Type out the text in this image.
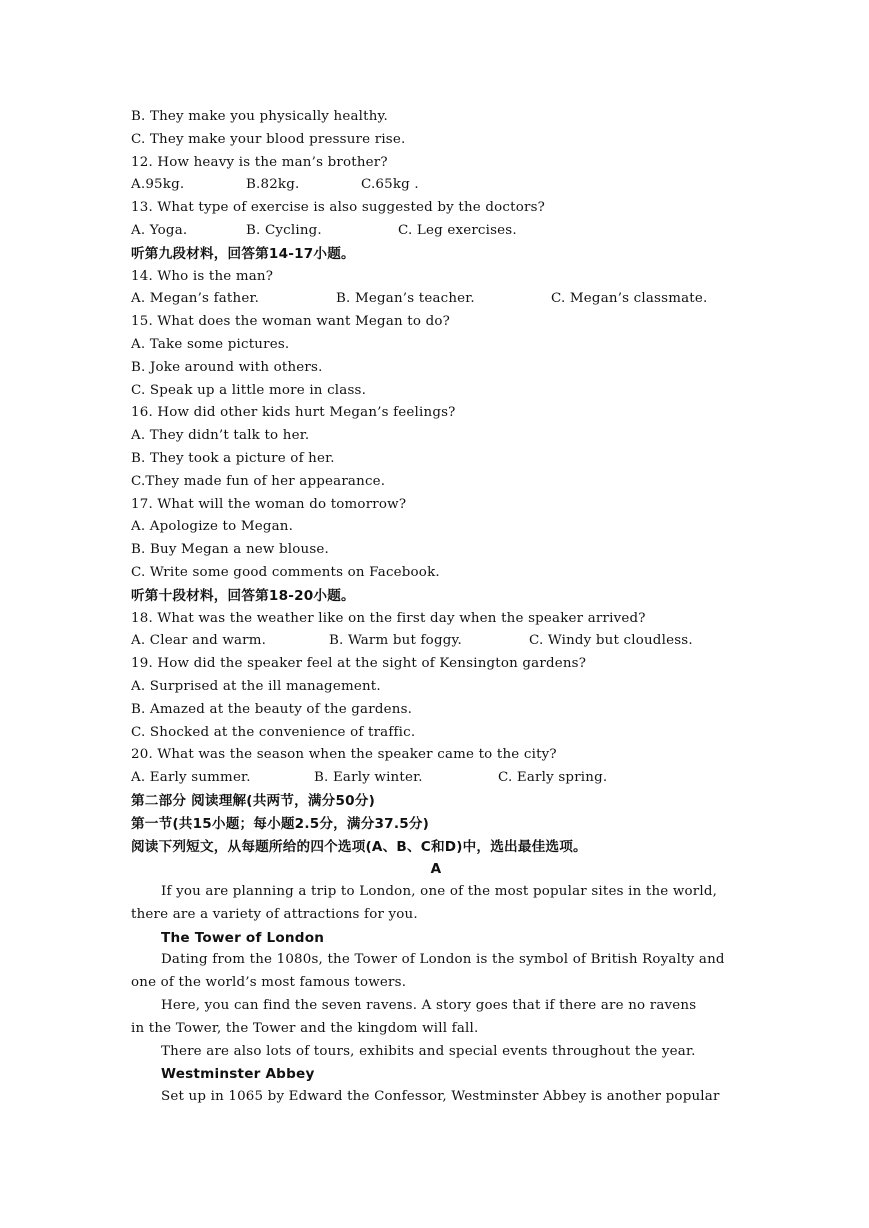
B. They make you physically healthy.
C. They make your blood pressure rise.
12. How heavy is the man’s brother?
A.95kg.	B.82kg.	C.65kg .
13. What type of exercise is also suggested by the doctors?
A. Yoga.	B. Cycling.	C. Leg exercises.
听第九段材料，回答第14-17小题。
14. Who is the man?
A. Megan’s father.	B. Megan’s teacher.	C. Megan’s classmate.
15. What does the woman want Megan to do?
A. Take some pictures.
B. Joke around with others.
C. Speak up a little more in class.
16. How did other kids hurt Megan’s feelings?
A. They didn’t talk to her.
B. They took a picture of her.
C.They made fun of her appearance.
17. What will the woman do tomorrow?
A. Apologize to Megan.
B. Buy Megan a new blouse.
C. Write some good comments on Facebook.
听第十段材料，回答第18-20小题。
18. What was the weather like on the first day when the speaker arrived?
A. Clear and warm.	B. Warm but foggy.	C. Windy but cloudless.
19. How did the speaker feel at the sight of Kensington gardens?
A. Surprised at the ill management.
B. Amazed at the beauty of the gardens.
C. Shocked at the convenience of traffic.
20. What was the season when the speaker came to the city?
A. Early summer.	B. Early winter.	C. Early spring.
第二部分 阅读理解(共两节，满分50分)
第一节(共15小题；每小题2.5分，满分37.5分)
阅读下列短文，从每题所给的四个选项(A、B、C和D)中，选出最佳选项。
A
If you are planning a trip to London, one of the most popular sites in the world,
there are a variety of attractions for you.
The Tower of London
Dating from the 1080s, the Tower of London is the symbol of British Royalty and
one of the world’s most famous towers.
Here, you can find the seven ravens. A story goes that if there are no ravens
in the Tower, the Tower and the kingdom will fall.
There are also lots of tours, exhibits and special events throughout the year.
Westminster Abbey
Set up in 1065 by Edward the Confessor, Westminster Abbey is another popular
